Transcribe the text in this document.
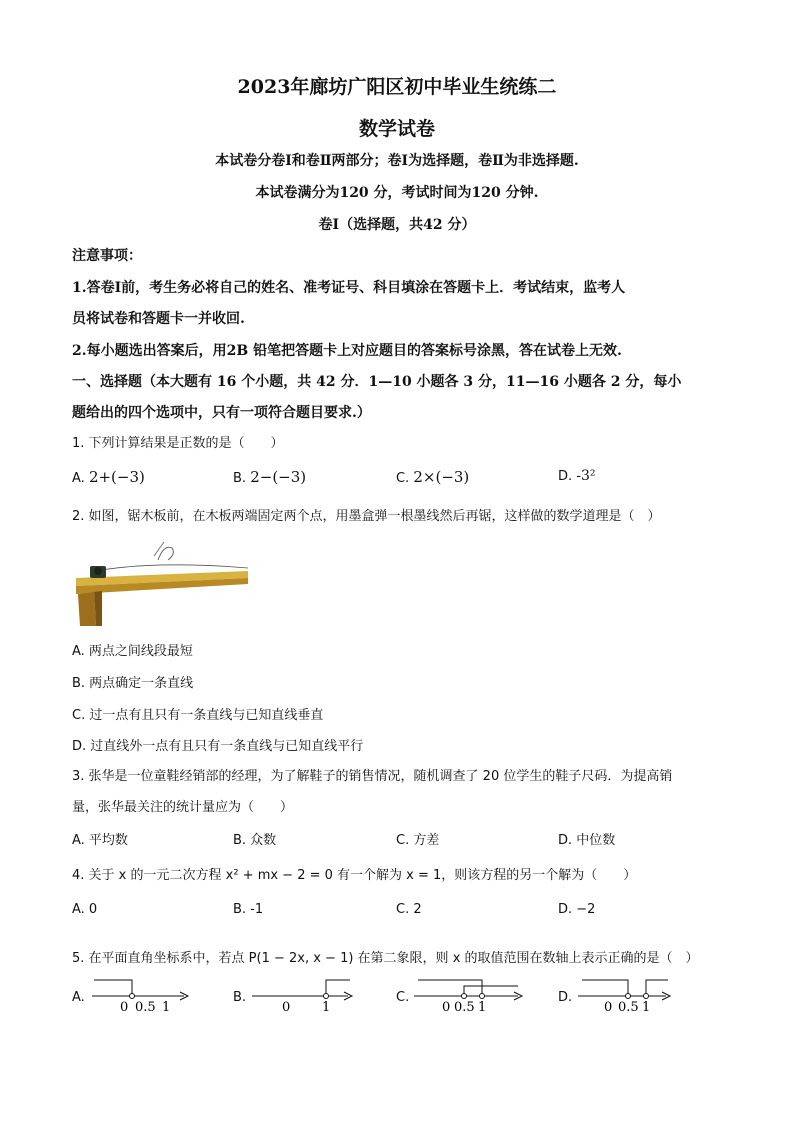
2023年廊坊广阳区初中毕业生统练二
数学试卷
本试卷分卷Ⅰ和卷Ⅱ两部分；卷Ⅰ为选择题，卷Ⅱ为非选择题.
本试卷满分为120 分，考试时间为120 分钟.
卷Ⅰ（选择题，共42 分）
注意事项：
1.答卷Ⅰ前，考生务必将自己的姓名、准考证号、科目填涂在答题卡上．考试结束，监考人
员将试卷和答题卡一并收回.
2.每小题选出答案后，用2B 铅笔把答题卡上对应题目的答案标号涂黑，答在试卷上无效.
一、选择题（本大题有 16 个小题，共 42 分．1—10 小题各 3 分，11—16 小题各 2 分，每小
题给出的四个选项中，只有一项符合题目要求.）
1. 下列计算结果是正数的是（　　）
A. 2+(−3)	B. 2−(−3)	C. 2×(−3)	D. -3²
2. 如图，锯木板前，在木板两端固定两个点，用墨盒弹一根墨线然后再锯，这样做的数学道理是（　）
A. 两点之间线段最短
B. 两点确定一条直线
C. 过一点有且只有一条直线与已知直线垂直
D. 过直线外一点有且只有一条直线与已知直线平行
3. 张华是一位童鞋经销部的经理，为了解鞋子的销售情况，随机调查了 20 位学生的鞋子尺码．为提高销
量，张华最关注的统计量应为（　　）
A. 平均数	B. 众数	C. 方差	D. 中位数
4. 关于 x 的一元二次方程 x² + mx − 2 = 0 有一个解为 x = 1，则该方程的另一个解为（　　）
A. 0	B. -1	C. 2	D. −2
5. 在平面直角坐标系中，若点 P(1 − 2x, x − 1) 在第二象限，则 x 的取值范围在数轴上表示正确的是（　）
A.
0 0.5 1
B.
0 1
C.
0 0.5 1
D.
0 0.5 1
